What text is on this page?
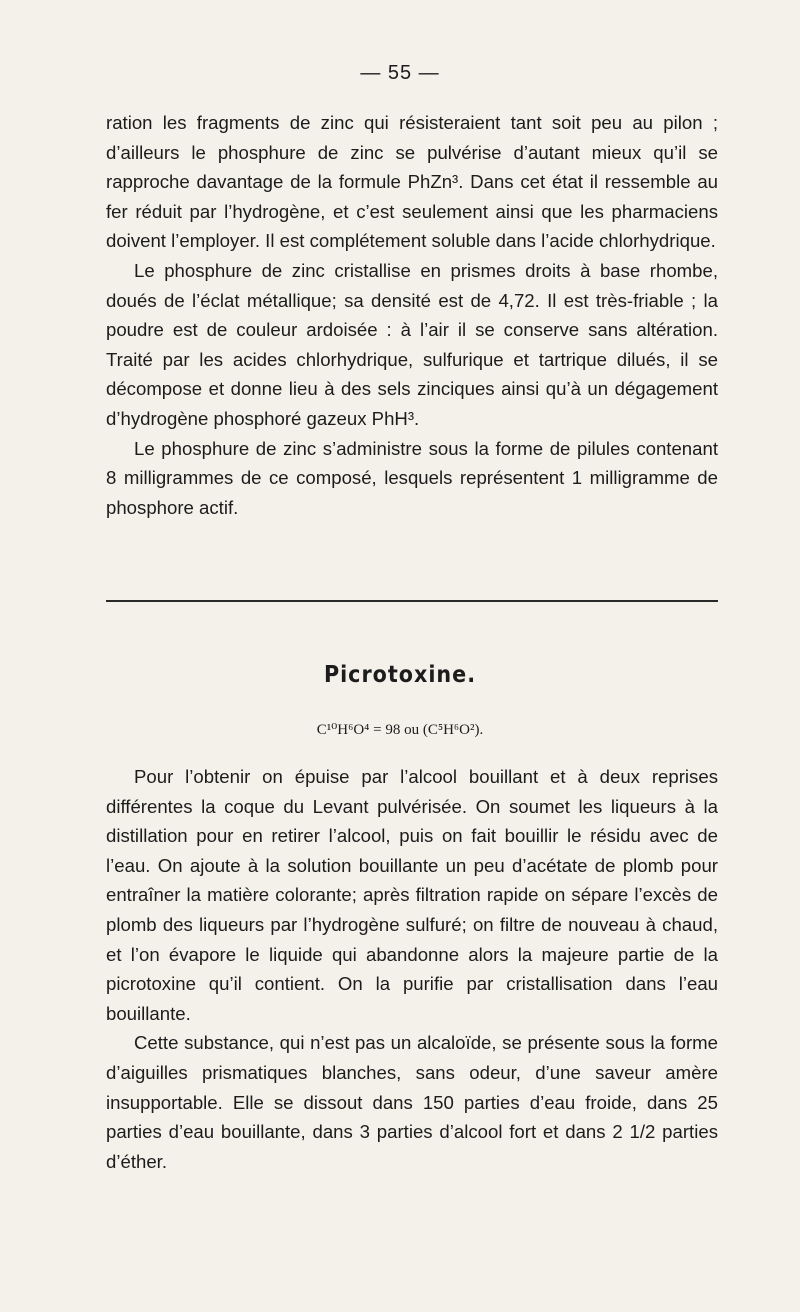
— 55 —

ration les fragments de zinc qui résisteraient tant soit peu au pilon ; d’ailleurs le phosphure de zinc se pulvérise d’autant mieux qu’il se rapproche davantage de la formule PhZn³. Dans cet état il ressemble au fer réduit par l’hydrogène, et c’est seulement ainsi que les pharmaciens doivent l’employer. Il est complétement soluble dans l’acide chlorhydrique.

Le phosphure de zinc cristallise en prismes droits à base rhombe, doués de l’éclat métallique; sa densité est de 4,72. Il est très-friable ; la poudre est de couleur ardoisée : à l’air il se conserve sans altération. Traité par les acides chlorhydrique, sulfurique et tartrique dilués, il se décompose et donne lieu à des sels zinciques ainsi qu’à un dégagement d’hydrogène phosphoré gazeux PhH³.

Le phosphure de zinc s’administre sous la forme de pilules contenant 8 milligrammes de ce composé, lesquels représentent 1 milligramme de phosphore actif.

Picrotoxine.
C¹⁰H⁶O⁴ = 98 ou (C⁵H⁶O²).

Pour l’obtenir on épuise par l’alcool bouillant et à deux reprises différentes la coque du Levant pulvérisée. On soumet les liqueurs à la distillation pour en retirer l’alcool, puis on fait bouillir le résidu avec de l’eau. On ajoute à la solution bouillante un peu d’acétate de plomb pour entraîner la matière colorante; après filtration rapide on sépare l’excès de plomb des liqueurs par l’hydrogène sulfuré; on filtre de nouveau à chaud, et l’on évapore le liquide qui abandonne alors la majeure partie de la picrotoxine qu’il contient. On la purifie par cristallisation dans l’eau bouillante.

Cette substance, qui n’est pas un alcaloïde, se présente sous la forme d’aiguilles prismatiques blanches, sans odeur, d’une saveur amère insupportable. Elle se dissout dans 150 parties d’eau froide, dans 25 parties d’eau bouillante, dans 3 parties d’alcool fort et dans 2 1/2 parties d’éther.
